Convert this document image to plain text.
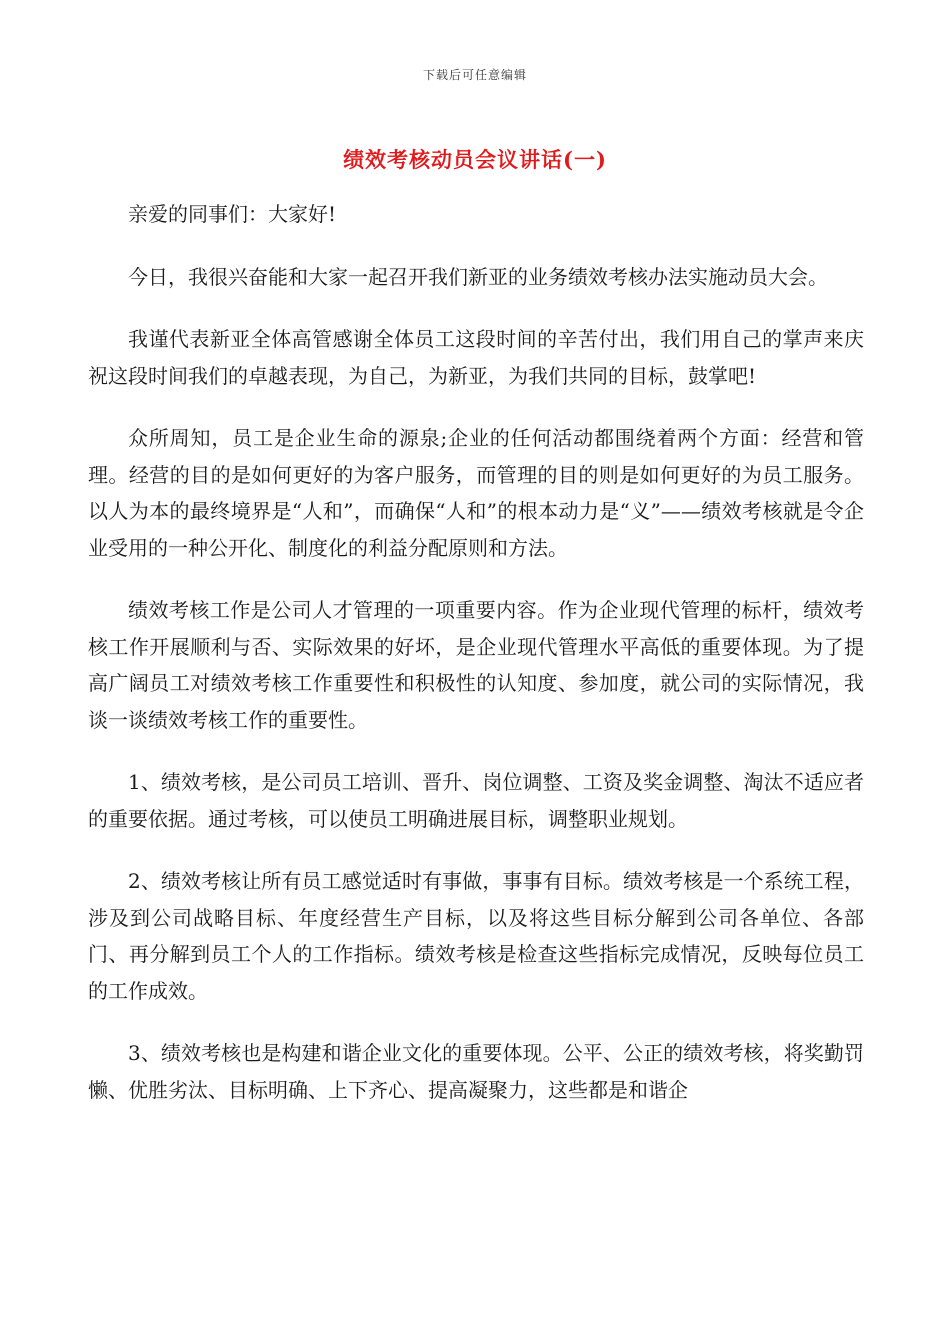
下载后可任意编辑
绩效考核动员会议讲话(一)

亲爱的同事们：大家好!

今日，我很兴奋能和大家一起召开我们新亚的业务绩效考核办法实施动员大会。

我谨代表新亚全体高管感谢全体员工这段时间的辛苦付出，我们用自己的掌声来庆祝这段时间我们的卓越表现，为自己，为新亚，为我们共同的目标，鼓掌吧!

众所周知，员工是企业生命的源泉;企业的任何活动都围绕着两个方面：经营和管理。经营的目的是如何更好的为客户服务，而管理的目的则是如何更好的为员工服务。以人为本的最终境界是“人和”，而确保“人和”的根本动力是“义”——绩效考核就是令企业受用的一种公开化、制度化的利益分配原则和方法。

绩效考核工作是公司人才管理的一项重要内容。作为企业现代管理的标杆，绩效考核工作开展顺利与否、实际效果的好坏，是企业现代管理水平高低的重要体现。为了提高广阔员工对绩效考核工作重要性和积极性的认知度、参加度，就公司的实际情况，我谈一谈绩效考核工作的重要性。

1、绩效考核，是公司员工培训、晋升、岗位调整、工资及奖金调整、淘汰不适应者的重要依据。通过考核，可以使员工明确进展目标，调整职业规划。

2、绩效考核让所有员工感觉适时有事做，事事有目标。绩效考核是一个系统工程，涉及到公司战略目标、年度经营生产目标，以及将这些目标分解到公司各单位、各部门、再分解到员工个人的工作指标。绩效考核是检查这些指标完成情况，反映每位员工的工作成效。

3、绩效考核也是构建和谐企业文化的重要体现。公平、公正的绩效考核，将奖勤罚懒、优胜劣汰、目标明确、上下齐心、提高凝聚力，这些都是和谐企
